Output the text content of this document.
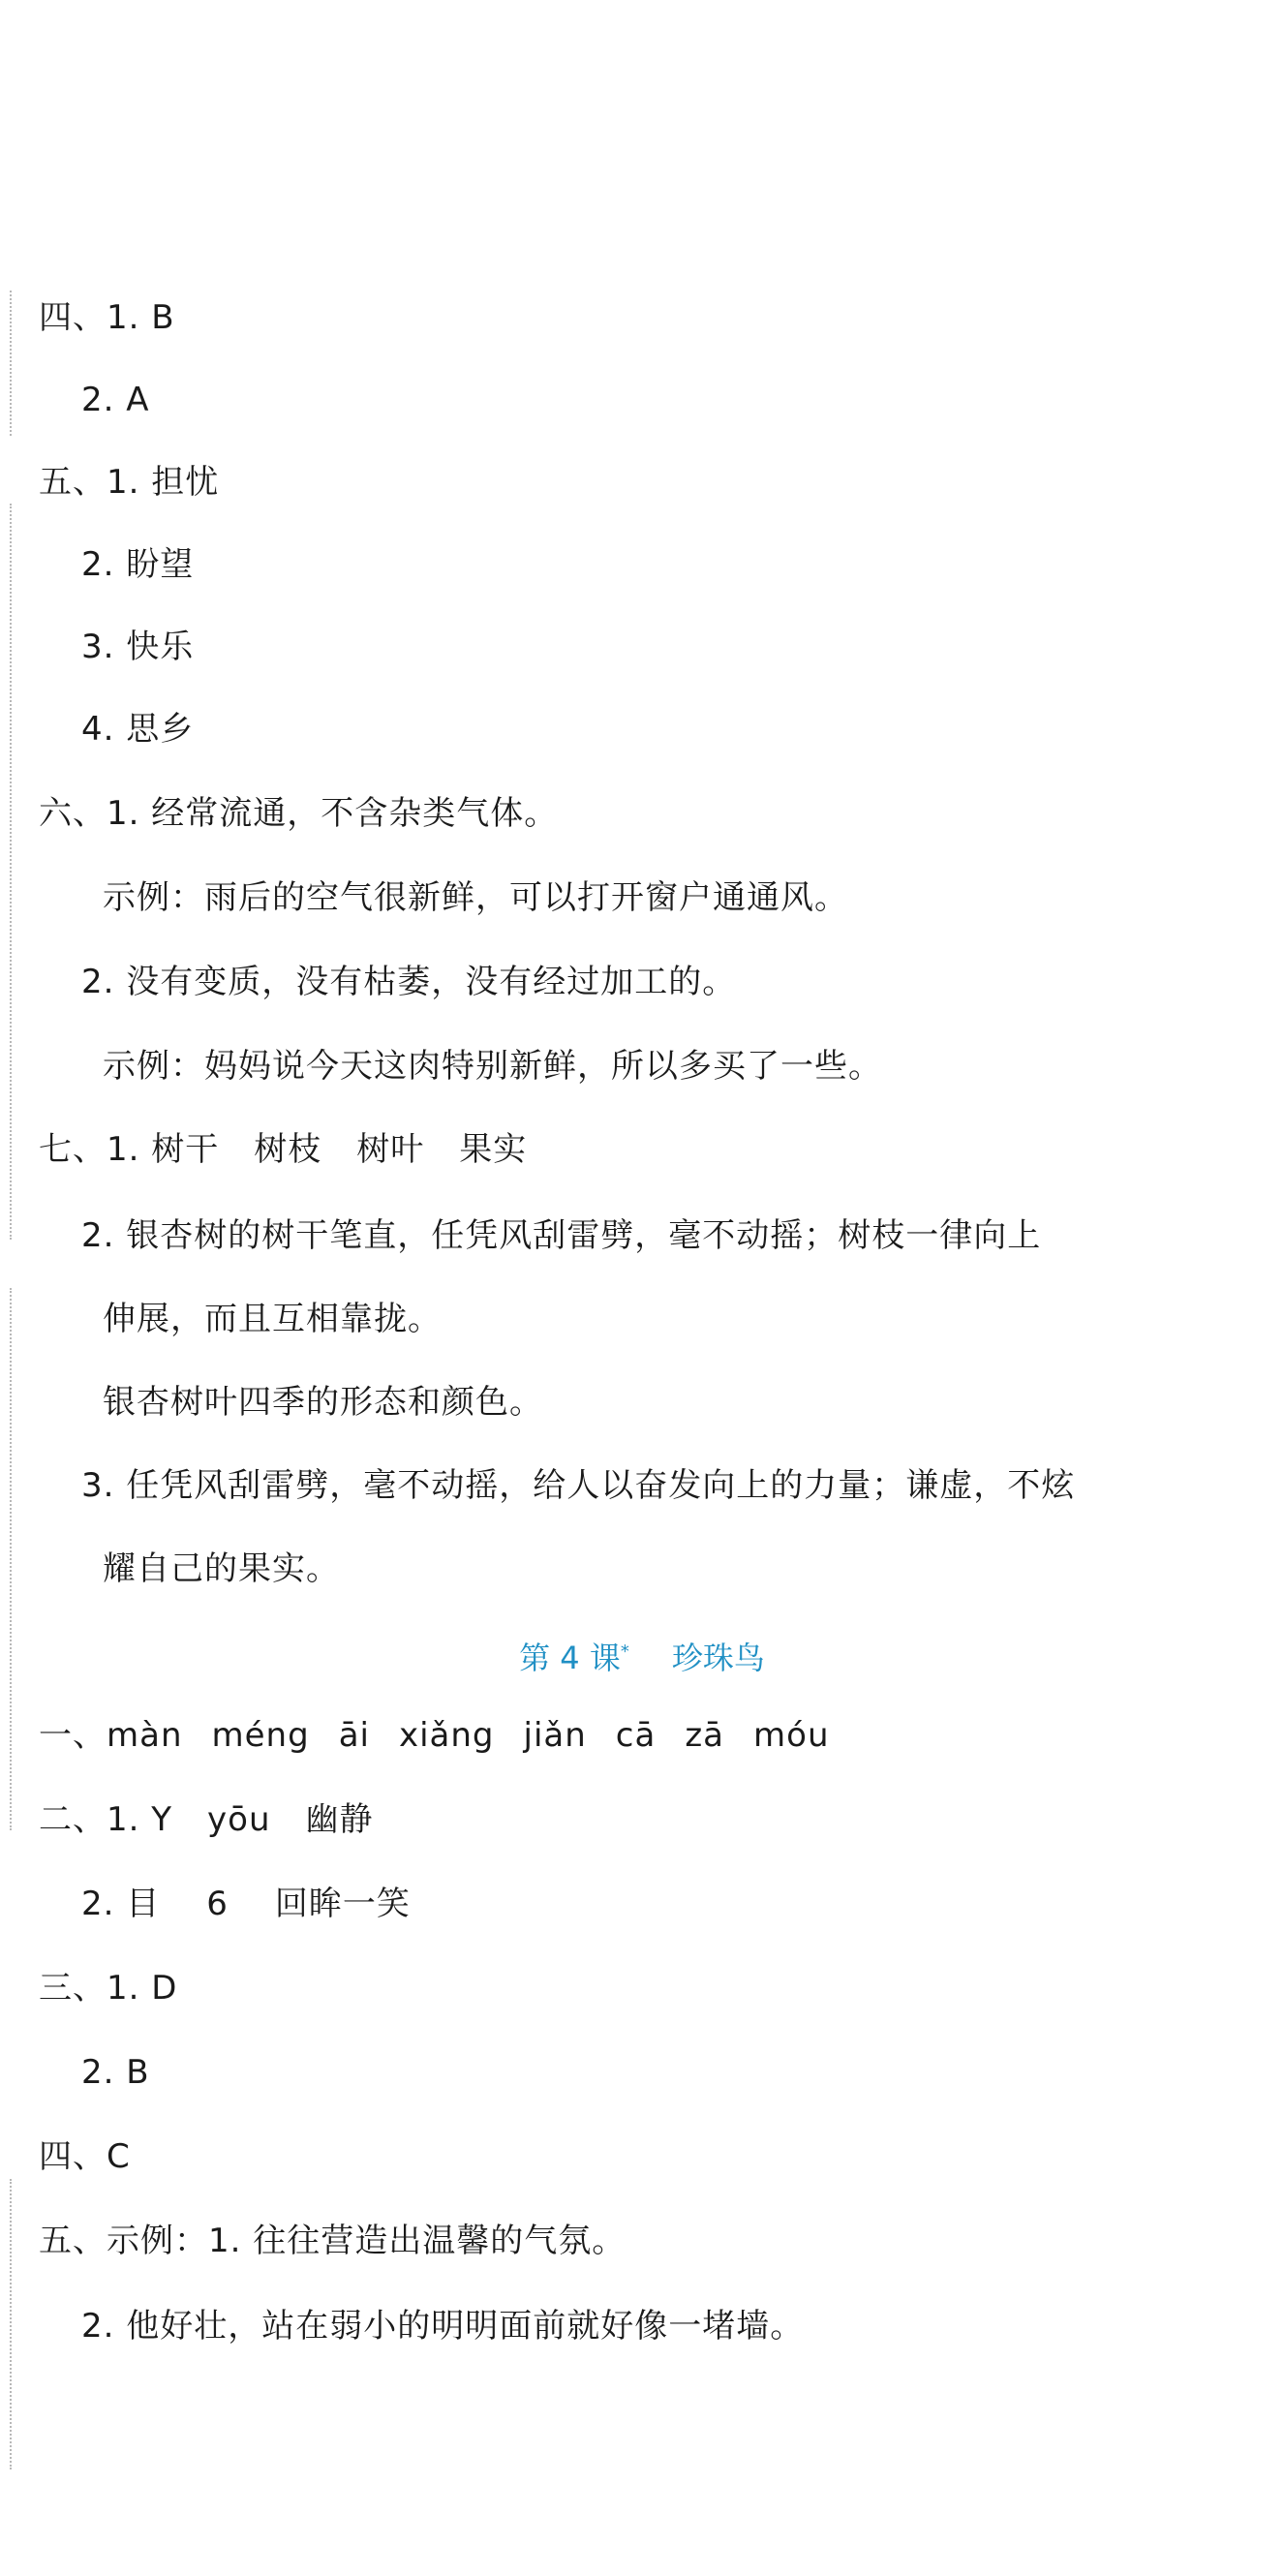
四、1. B
2. A
五、1. 担忧
2. 盼望
3. 快乐
4. 思乡
六、1. 经常流通，不含杂类气体。
示例：雨后的空气很新鲜，可以打开窗户通通风。
2. 没有变质，没有枯萎，没有经过加工的。
示例：妈妈说今天这肉特别新鲜，所以多买了一些。
七、1. 树干 树枝 树叶 果实
2. 银杏树的树干笔直，任凭风刮雷劈，毫不动摇；树枝一律向上
伸展，而且互相靠拢。
银杏树叶四季的形态和颜色。
3. 任凭风刮雷劈，毫不动摇，给人以奋发向上的力量；谦虚，不炫
耀自己的果实。
第 4 课* 珍珠鸟
一、màn méng āi xiǎng jiǎn cā zā móu
二、1. Y yōu 幽静
2. 目 6 回眸一笑
三、1. D
2. B
四、C
五、示例：1. 往往营造出温馨的气氛。
2. 他好壮，站在弱小的明明面前就好像一堵墙。
